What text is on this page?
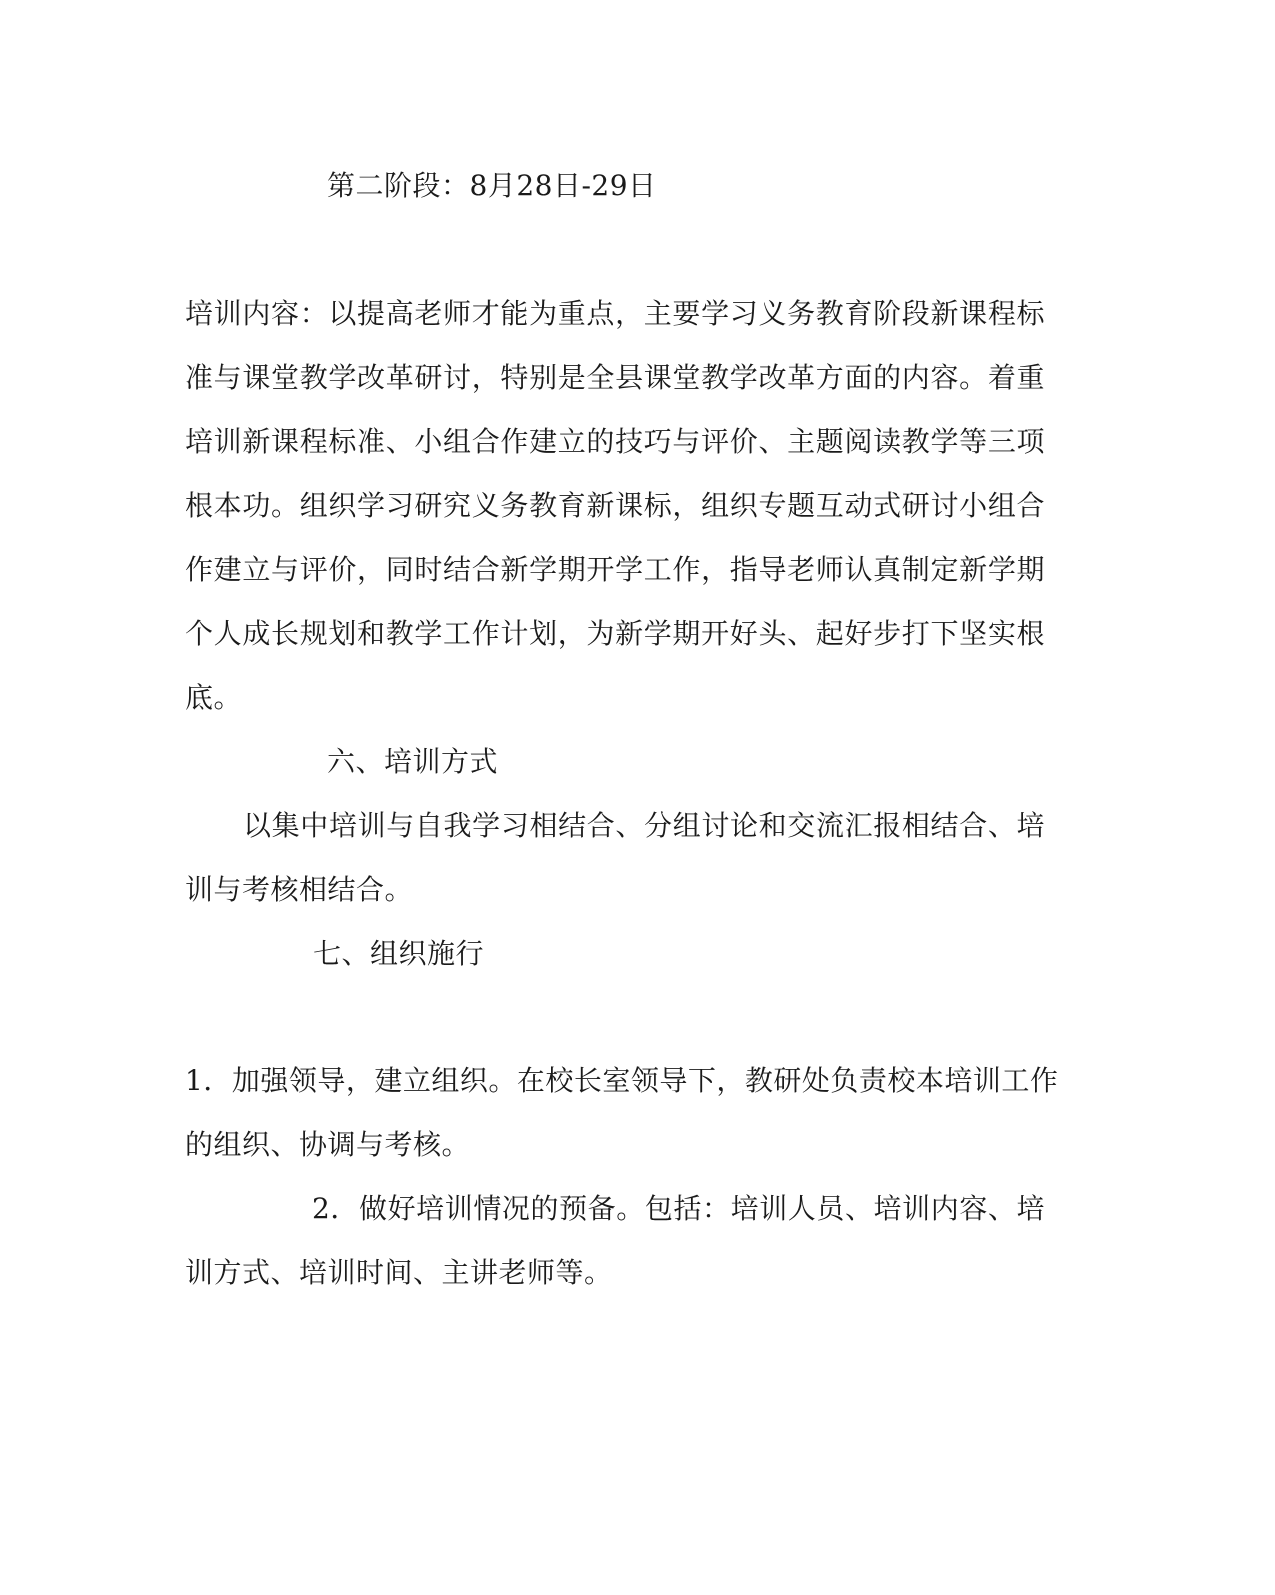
第二阶段：8月28日-29日
培训内容：以提高老师才能为重点，主要学习义务教育阶段新课程标
准与课堂教学改革研讨，特别是全县课堂教学改革方面的内容。着重
培训新课程标准、小组合作建立的技巧与评价、主题阅读教学等三项
根本功。组织学习研究义务教育新课标，组织专题互动式研讨小组合
作建立与评价，同时结合新学期开学工作，指导老师认真制定新学期
个人成长规划和教学工作计划，为新学期开好头、起好步打下坚实根
底。
六、培训方式
以集中培训与自我学习相结合、分组讨论和交流汇报相结合、培
训与考核相结合。
七、组织施行
1．加强领导，建立组织。在校长室领导下，教研处负责校本培训工作
的组织、协调与考核。
2．做好培训情况的预备。包括：培训人员、培训内容、培
训方式、培训时间、主讲老师等。
